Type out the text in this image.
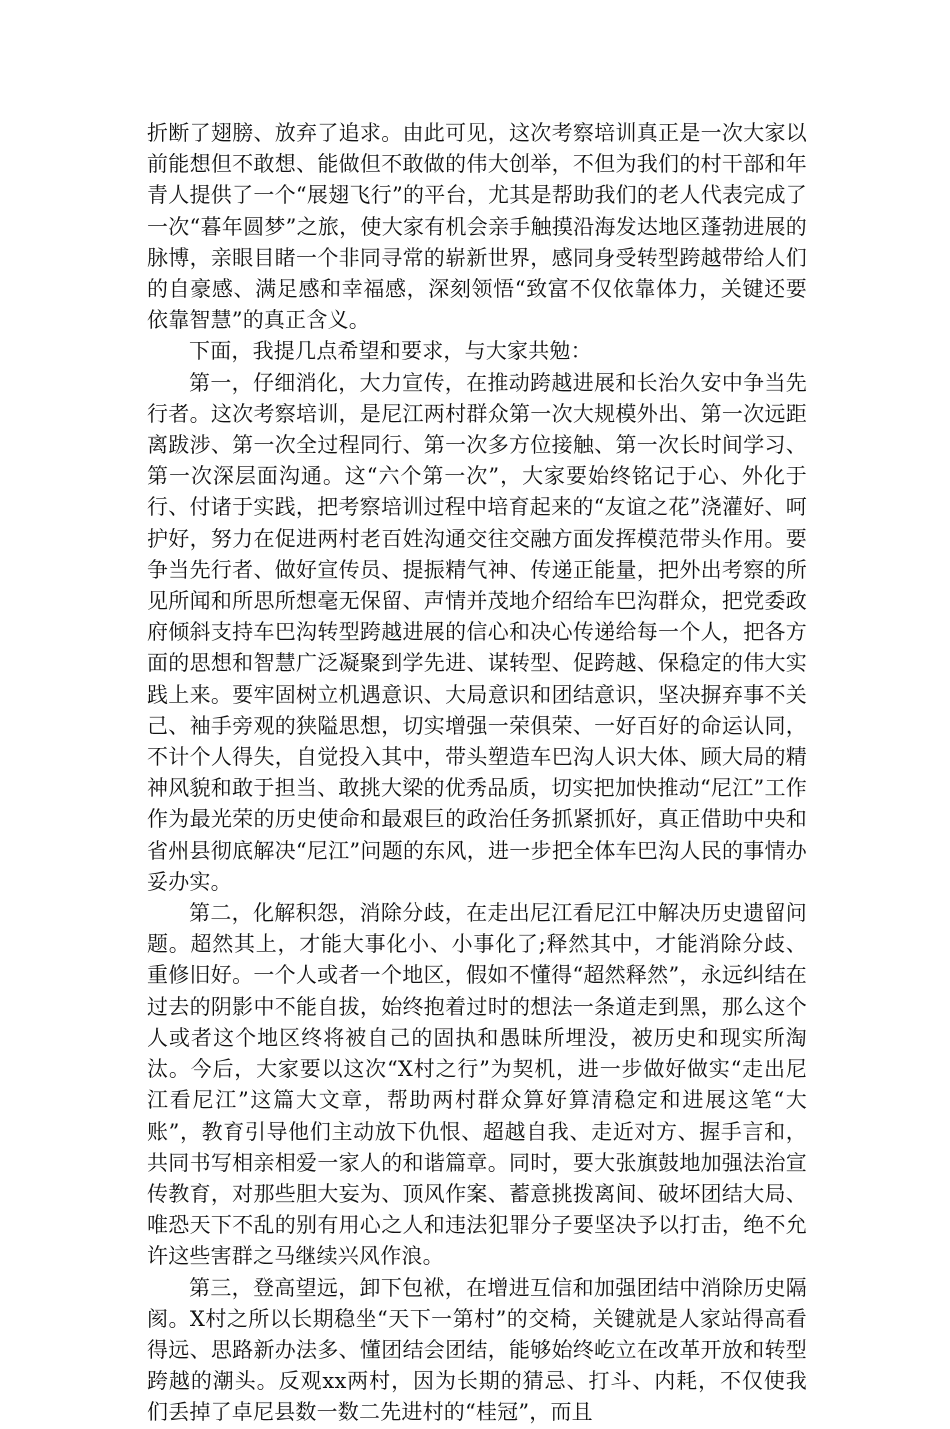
折断了翅膀、放弃了追求。由此可见，这次考察培训真正是一次大家以前能想但不敢想、能做但不敢做的伟大创举，不但为我们的村干部和年青人提供了一个“展翅飞行”的平台，尤其是帮助我们的老人代表完成了一次“暮年圆梦”之旅，使大家有机会亲手触摸沿海发达地区蓬勃进展的脉博，亲眼目睹一个非同寻常的崭新世界，感同身受转型跨越带给人们的自豪感、满足感和幸福感，深刻领悟“致富不仅依靠体力，关键还要依靠智慧”的真正含义。

下面，我提几点希望和要求，与大家共勉：

第一，仔细消化，大力宣传，在推动跨越进展和长治久安中争当先行者。这次考察培训，是尼江两村群众第一次大规模外出、第一次远距离跋涉、第一次全过程同行、第一次多方位接触、第一次长时间学习、第一次深层面沟通。这“六个第一次”，大家要始终铭记于心、外化于行、付诸于实践，把考察培训过程中培育起来的“友谊之花”浇灌好、呵护好，努力在促进两村老百姓沟通交往交融方面发挥模范带头作用。要争当先行者、做好宣传员、提振精气神、传递正能量，把外出考察的所见所闻和所思所想毫无保留、声情并茂地介绍给车巴沟群众，把党委政府倾斜支持车巴沟转型跨越进展的信心和决心传递给每一个人，把各方面的思想和智慧广泛凝聚到学先进、谋转型、促跨越、保稳定的伟大实践上来。要牢固树立机遇意识、大局意识和团结意识，坚决摒弃事不关己、袖手旁观的狭隘思想，切实增强一荣俱荣、一好百好的命运认同，不计个人得失，自觉投入其中，带头塑造车巴沟人识大体、顾大局的精神风貌和敢于担当、敢挑大梁的优秀品质，切实把加快推动“尼江”工作作为最光荣的历史使命和最艰巨的政治任务抓紧抓好，真正借助中央和省州县彻底解决“尼江”问题的东风，进一步把全体车巴沟人民的事情办妥办实。

第二，化解积怨，消除分歧，在走出尼江看尼江中解决历史遗留问题。超然其上，才能大事化小、小事化了;释然其中，才能消除分歧、重修旧好。一个人或者一个地区，假如不懂得“超然释然”，永远纠结在过去的阴影中不能自拔，始终抱着过时的想法一条道走到黑，那么这个人或者这个地区终将被自己的固执和愚昧所埋没，被历史和现实所淘汰。今后，大家要以这次“X村之行”为契机，进一步做好做实“走出尼江看尼江”这篇大文章，帮助两村群众算好算清稳定和进展这笔“大账”，教育引导他们主动放下仇恨、超越自我、走近对方、握手言和，共同书写相亲相爱一家人的和谐篇章。同时，要大张旗鼓地加强法治宣传教育，对那些胆大妄为、顶风作案、蓄意挑拨离间、破坏团结大局、唯恐天下不乱的别有用心之人和违法犯罪分子要坚决予以打击，绝不允许这些害群之马继续兴风作浪。

第三，登高望远，卸下包袱，在增进互信和加强团结中消除历史隔阂。X村之所以长期稳坐“天下一第村”的交椅，关键就是人家站得高看得远、思路新办法多、懂团结会团结，能够始终屹立在改革开放和转型跨越的潮头。反观xx两村，因为长期的猜忌、打斗、内耗，不仅使我们丢掉了卓尼县数一数二先进村的“桂冠”，而且
